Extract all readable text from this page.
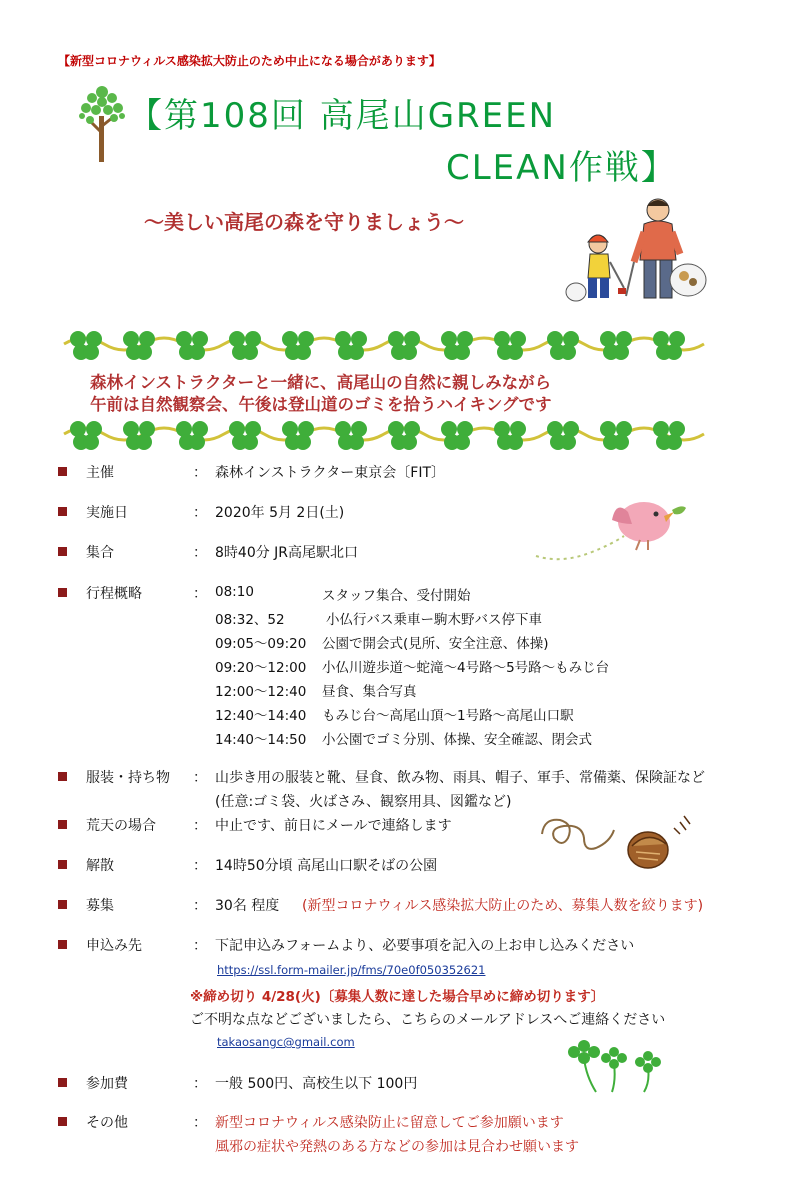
【新型コロナウィルス感染拡大防止のため中止になる場合があります】
【第108回 高尾山GREEN
CLEAN作戦】
～美しい高尾の森を守りましょう～
森林インストラクターと一緒に、高尾山の自然に親しみながら
午前は自然観察会、午後は登山道のゴミを拾うハイキングです
主催	： 森林インストラクター東京会〔FIT〕
実施日	： 2020年 5月 2日(土)
集合	： 8時40分 JR高尾駅北口
行程概略	： 08:10	スタッフ集合、受付開始
08:32、52	小仏行バス乗車ー駒木野バス停下車
09:05～09:20 公園で開会式(見所、安全注意、体操)
09:20～12:00 小仏川遊歩道～蛇滝～4号路～5号路～もみじ台
12:00～12:40 昼食、集合写真
12:40～14:40 もみじ台～高尾山頂～1号路～高尾山口駅
14:40～14:50 小公園でゴミ分別、体操、安全確認、閉会式
服装・持ち物 ： 山歩き用の服装と靴、昼食、飲み物、雨具、帽子、軍手、常備薬、保険証など
(任意:ゴミ袋、火ばさみ、観察用具、図鑑など)
荒天の場合	： 中止です、前日にメールで連絡します
解散	： 14時50分頃 高尾山口駅そばの公園
募集	： 30名 程度 (新型コロナウィルス感染拡大防止のため、募集人数を絞ります)
申込み先	： 下記申込みフォームより、必要事項を記入の上お申し込みください
https://ssl.form-mailer.jp/fms/70e0f050352621
※締め切り 4/28(火)〔募集人数に達した場合早めに締め切ります〕
ご不明な点などございましたら、こちらのメールアドレスへご連絡ください
takaosangc@gmail.com
参加費	： 一般 500円、高校生以下 100円
その他	： 新型コロナウィルス感染防止に留意してご参加願います
風邪の症状や発熱のある方などの参加は見合わせ願います
